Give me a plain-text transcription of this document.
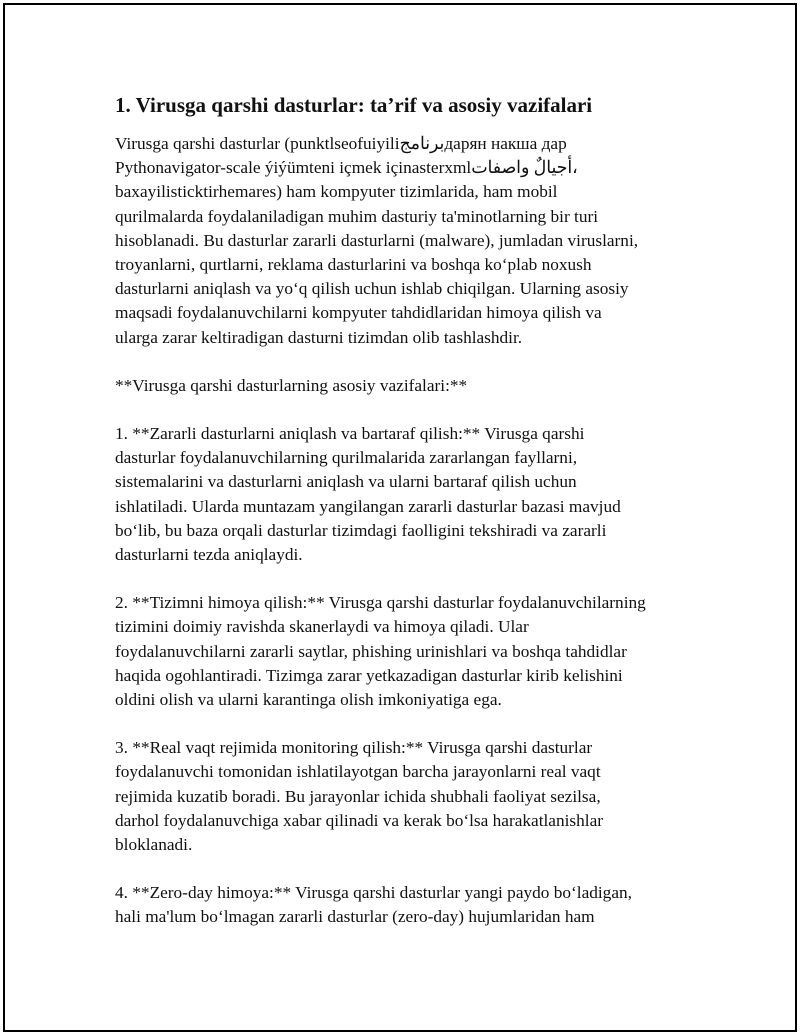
1. Virusga qarshi dasturlar: ta’rif va asosiy vazifalari
Virusga qarshi dasturlar (punktlseofuiyiliبرنامجдарян накша дар
Pythonavigator-scale ýiýümteni içmek içinasterxmlأجيالٌ واصفات،
baxayilisticktirhemares) ham kompyuter tizimlarida, ham mobil
qurilmalarda foydalaniladigan muhim dasturiy ta'minotlarning bir turi
hisoblanadi. Bu dasturlar zararli dasturlarni (malware), jumladan viruslarni,
troyanlarni, qurtlarni, reklama dasturlarini va boshqa koʻplab noxush
dasturlarni aniqlash va yoʻq qilish uchun ishlab chiqilgan. Ularning asosiy
maqsadi foydalanuvchilarni kompyuter tahdidlaridan himoya qilish va
ularga zarar keltiradigan dasturni tizimdan olib tashlashdir.
**Virusga qarshi dasturlarning asosiy vazifalari:**
1. **Zararli dasturlarni aniqlash va bartaraf qilish:** Virusga qarshi
dasturlar foydalanuvchilarning qurilmalarida zararlangan fayllarni,
sistemalarini va dasturlarni aniqlash va ularni bartaraf qilish uchun
ishlatiladi. Ularda muntazam yangilangan zararli dasturlar bazasi mavjud
boʻlib, bu baza orqali dasturlar tizimdagi faolligini tekshiradi va zararli
dasturlarni tezda aniqlaydi.
2. **Tizimni himoya qilish:** Virusga qarshi dasturlar foydalanuvchilarning
tizimini doimiy ravishda skanerlaydi va himoya qiladi. Ular
foydalanuvchilarni zararli saytlar, phishing urinishlari va boshqa tahdidlar
haqida ogohlantiradi. Tizimga zarar yetkazadigan dasturlar kirib kelishini
oldini olish va ularni karantinga olish imkoniyatiga ega.
3. **Real vaqt rejimida monitoring qilish:** Virusga qarshi dasturlar
foydalanuvchi tomonidan ishlatilayotgan barcha jarayonlarni real vaqt
rejimida kuzatib boradi. Bu jarayonlar ichida shubhali faoliyat sezilsa,
darhol foydalanuvchiga xabar qilinadi va kerak boʻlsa harakatlanishlar
bloklanadi.
4. **Zero-day himoya:** Virusga qarshi dasturlar yangi paydo boʻladigan,
hali ma'lum boʻlmagan zararli dasturlar (zero-day) hujumlaridan ham
